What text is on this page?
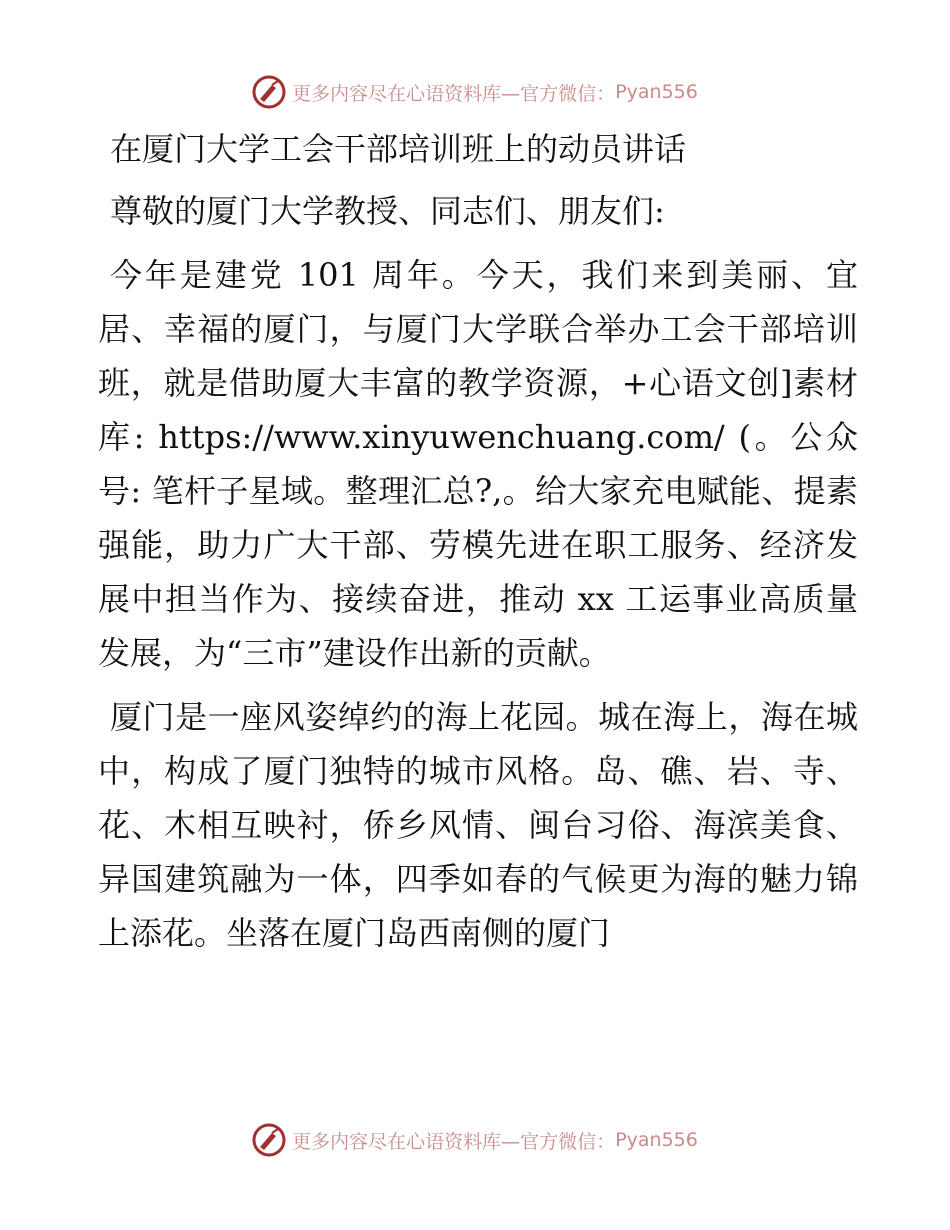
更多内容尽在心语资料库— 官方微信： Pyan556

在厦门大学工会干部培训班上的动员讲话

尊敬的厦门大学教授、同志们、朋友们:

今年是建党 101 周年。今天，我们来到美丽、宜居、幸福的厦门，与厦门大学联合举办工会干部培训班，就是借助厦大丰富的教学资源，+心语文创]素材库: https://www.xinyuwenchuang.com/ (。公众号: 笔杆子星域。整理汇总?,。给大家充电赋能、提素强能，助力广大干部、劳模先进在职工服务、经济发展中担当作为、接续奋进，推动 xx 工运事业高质量发展，为“三市”建设作出新的贡献。

厦门是一座风姿绰约的海上花园。城在海上，海在城中，构成了厦门独特的城市风格。岛、礁、岩、寺、花、木相互映衬，侨乡风情、闽台习俗、海滨美食、异国建筑融为一体，四季如春的气候更为海的魅力锦上添花。坐落在厦门岛西南侧的厦门

更多内容尽在心语资料库— 官方微信： Pyan556
